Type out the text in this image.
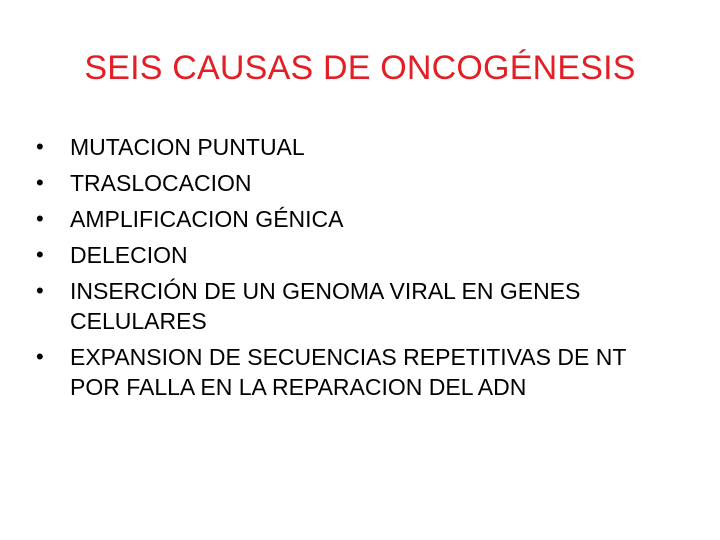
SEIS CAUSAS DE ONCOGÉNESIS
•	MUTACION PUNTUAL
•	TRASLOCACION
•	AMPLIFICACION GÉNICA
•	DELECION
•	INSERCIÓN DE UN GENOMA VIRAL EN GENES CELULARES
•	EXPANSION DE SECUENCIAS REPETITIVAS DE NT POR FALLA EN LA REPARACION DEL ADN
